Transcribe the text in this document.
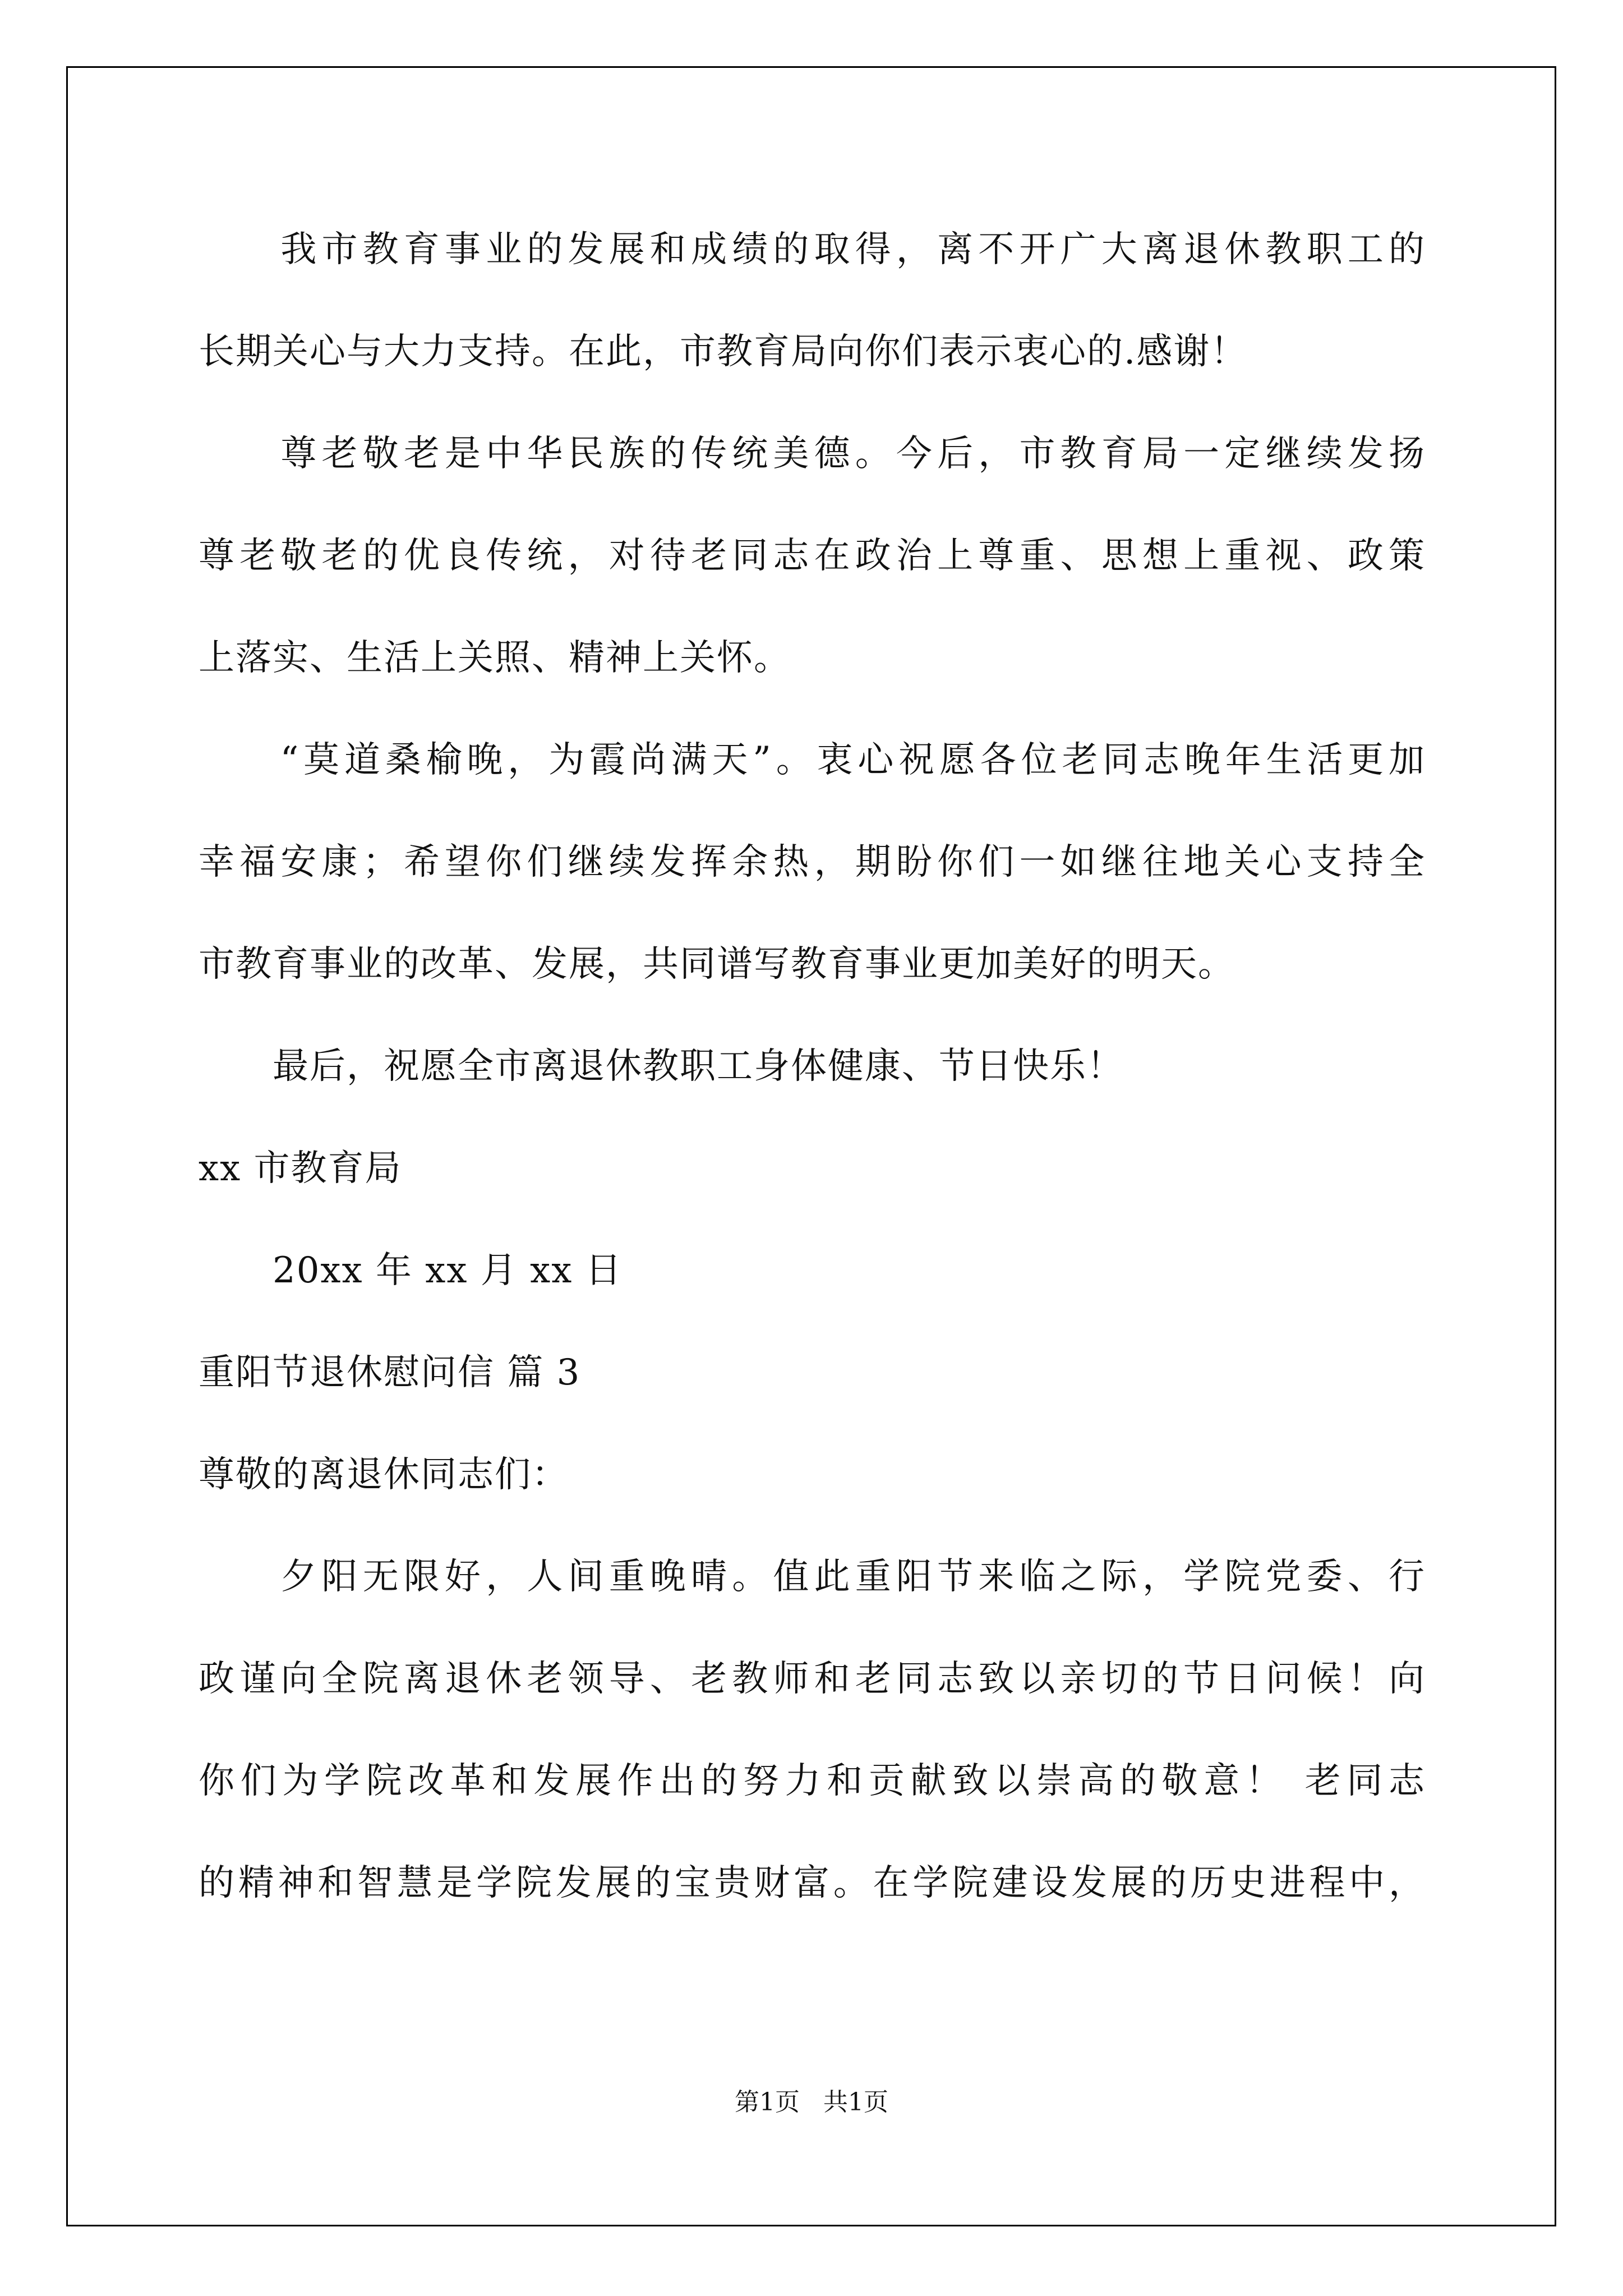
　　我市教育事业的发展和成绩的取得，离不开广大离退休教职工的
长期关心与大力支持。在此，市教育局向你们表示衷心的.感谢！
　　尊老敬老是中华民族的传统美德。今后，市教育局一定继续发扬
尊老敬老的优良传统，对待老同志在政治上尊重、思想上重视、政策
上落实、生活上关照、精神上关怀。
　　“莫道桑榆晚，为霞尚满天”。衷心祝愿各位老同志晚年生活更加
幸福安康；希望你们继续发挥余热，期盼你们一如继往地关心支持全
市教育事业的改革、发展，共同谱写教育事业更加美好的明天。
　　最后，祝愿全市离退休教职工身体健康、节日快乐！
xx 市教育局
　　20xx 年 xx 月 xx 日
重阳节退休慰问信 篇 3
尊敬的离退休同志们：
　　夕阳无限好，人间重晚晴。值此重阳节来临之际，学院党委、行
政谨向全院离退休老领导、老教师和老同志致以亲切的节日问候！向
你们为学院改革和发展作出的努力和贡献致以崇高的敬意！ 老同志
的精神和智慧是学院发展的宝贵财富。在学院建设发展的历史进程中，
第1页   共1页
